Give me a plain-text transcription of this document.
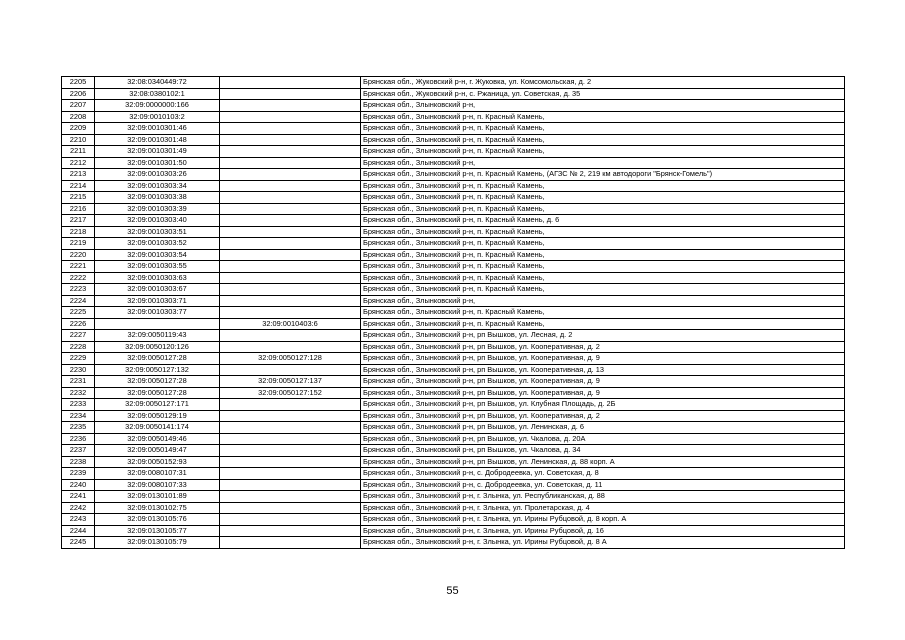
2205	32:08:0340449:72		Брянская обл., Жуковский р-н, г. Жуковка, ул. Комсомольская, д. 2
2206	32:08:0380102:1		Брянская обл., Жуковский р-н, с. Ржаница, ул. Советская, д. 35
2207	32:09:0000000:166		Брянская обл., Злынковский р-н,
2208	32:09:0010103:2		Брянская обл., Злынковский р-н, п. Красный Камень,
2209	32:09:0010301:46		Брянская обл., Злынковский р-н, п. Красный Камень,
2210	32:09:0010301:48		Брянская обл., Злынковский р-н, п. Красный Камень,
2211	32:09:0010301:49		Брянская обл., Злынковский р-н, п. Красный Камень,
2212	32:09:0010301:50		Брянская обл., Злынковский р-н,
2213	32:09:0010303:26		Брянская обл., Злынковский р-н, п. Красный Камень, (АГЗС № 2, 219 км автодороги "Брянск-Гомель")
2214	32:09:0010303:34		Брянская обл., Злынковский р-н, п. Красный Камень,
2215	32:09:0010303:38		Брянская обл., Злынковский р-н, п. Красный Камень,
2216	32:09:0010303:39		Брянская обл., Злынковский р-н, п. Красный Камень,
2217	32:09:0010303:40		Брянская обл., Злынковский р-н, п. Красный Камень, д. 6
2218	32:09:0010303:51		Брянская обл., Злынковский р-н, п. Красный Камень,
2219	32:09:0010303:52		Брянская обл., Злынковский р-н, п. Красный Камень,
2220	32:09:0010303:54		Брянская обл., Злынковский р-н, п. Красный Камень,
2221	32:09:0010303:55		Брянская обл., Злынковский р-н, п. Красный Камень,
2222	32:09:0010303:63		Брянская обл., Злынковский р-н, п. Красный Камень,
2223	32:09:0010303:67		Брянская обл., Злынковский р-н, п. Красный Камень,
2224	32:09:0010303:71		Брянская обл., Злынковский р-н,
2225	32:09:0010303:77		Брянская обл., Злынковский р-н, п. Красный Камень,
2226		32:09:0010403:6	Брянская обл., Злынковский р-н, п. Красный Камень,
2227	32:09:0050119:43		Брянская обл., Злынковский р-н, рп Вышков, ул. Лесная, д. 2
2228	32:09:0050120:126		Брянская обл., Злынковский р-н, рп Вышков, ул. Кооперативная, д. 2
2229	32:09:0050127:28	32:09:0050127:128	Брянская обл., Злынковский р-н, рп Вышков, ул. Кооперативная, д. 9
2230	32:09:0050127:132		Брянская обл., Злынковский р-н, рп Вышков, ул. Кооперативная, д. 13
2231	32:09:0050127:28	32:09:0050127:137	Брянская обл., Злынковский р-н, рп Вышков, ул. Кооперативная, д. 9
2232	32:09:0050127:28	32:09:0050127:152	Брянская обл., Злынковский р-н, рп Вышков, ул. Кооперативная, д. 9
2233	32:09:0050127:171		Брянская обл., Злынковский р-н, рп Вышков, ул. Клубная Площадь, д. 2Б
2234	32:09:0050129:19		Брянская обл., Злынковский р-н, рп Вышков, ул. Кооперативная, д. 2
2235	32:09:0050141:174		Брянская обл., Злынковский р-н, рп Вышков, ул. Ленинская, д. 6
2236	32:09:0050149:46		Брянская обл., Злынковский р-н, рп Вышков, ул. Чкалова, д. 20А
2237	32:09:0050149:47		Брянская обл., Злынковский р-н, рп Вышков, ул. Чкалова, д. 34
2238	32:09:0050152:93		Брянская обл., Злынковский р-н, рп Вышков, ул. Ленинская, д. 88 корп. А
2239	32:09:0080107:31		Брянская обл., Злынковский р-н, с. Добродеевка, ул. Советская, д. 8
2240	32:09:0080107:33		Брянская обл., Злынковский р-н, с. Добродеевка, ул. Советская, д. 11
2241	32:09:0130101:89		Брянская обл., Злынковский р-н, г. Злынка, ул. Республиканская, д. 88
2242	32:09:0130102:75		Брянская обл., Злынковский р-н, г. Злынка, ул. Пролетарская, д. 4
2243	32:09:0130105:76		Брянская обл., Злынковский р-н, г. Злынка, ул. Ирины Рубцовой, д. 8 корп. А
2244	32:09:0130105:77		Брянская обл., Злынковский р-н, г. Злынка, ул. Ирины Рубцовой, д. 16
2245	32:09:0130105:79		Брянская обл., Злынковский р-н, г. Злынка, ул. Ирины Рубцовой, д. 8 А
55
